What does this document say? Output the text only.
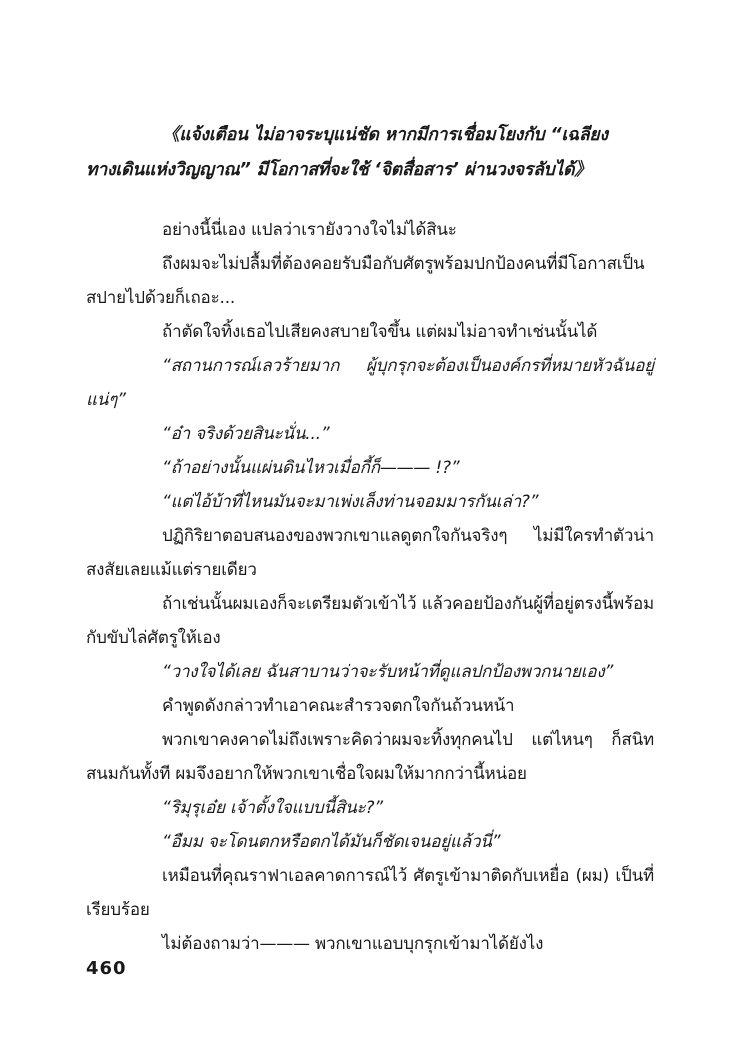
《แจ้งเตือน ไม่อาจระบุแน่ชัด หากมีการเชื่อมโยงกับ “เฉลียง

ทางเดินแห่งวิญญาณ” มีโอกาสที่จะใช้ ‘จิตสื่อสาร’ ผ่านวงจรลับได้》

อย่างนี้นี่เอง แปลว่าเรายังวางใจไม่ได้สินะ

ถึงผมจะไม่ปลื้มที่ต้องคอยรับมือกับศัตรูพร้อมปกป้องคนที่มีโอกาสเป็นสปายไปด้วยก็เถอะ...

ถ้าตัดใจทิ้งเธอไปเสียคงสบายใจขึ้น แต่ผมไม่อาจทำเช่นนั้นได้

“สถานการณ์เลวร้ายมาก ผู้บุกรุกจะต้องเป็นองค์กรที่หมายหัวฉันอยู่แน่ๆ”

“อ๋า จริงด้วยสินะนั่น...”

“ถ้าอย่างนั้นแผ่นดินไหวเมื่อกี้ก็——— !?”

“แต่ไอ้บ้าที่ไหนมันจะมาเพ่งเล็งท่านจอมมารกันเล่า?”

ปฏิกิริยาตอบสนองของพวกเขาแลดูตกใจกันจริงๆ ไม่มีใครทำตัวน่าสงสัยเลยแม้แต่รายเดียว

ถ้าเช่นนั้นผมเองก็จะเตรียมตัวเข้าไว้ แล้วคอยป้องกันผู้ที่อยู่ตรงนี้พร้อมกับขับไล่ศัตรูให้เอง

“วางใจได้เลย ฉันสาบานว่าจะรับหน้าที่ดูแลปกป้องพวกนายเอง”

คำพูดดังกล่าวทำเอาคณะสำรวจตกใจกันถ้วนหน้า

พวกเขาคงคาดไม่ถึงเพราะคิดว่าผมจะทิ้งทุกคนไป แต่ไหนๆ ก็สนิทสนมกันทั้งที ผมจึงอยากให้พวกเขาเชื่อใจผมให้มากกว่านี้หน่อย

“ริมุรุเอ๋ย เจ้าตั้งใจแบบนี้สินะ?”

“อืมม จะโดนตกหรือตกได้มันก็ชัดเจนอยู่แล้วนี่”

เหมือนที่คุณราฟาเอลคาดการณ์ไว้ ศัตรูเข้ามาติดกับเหยื่อ (ผม) เป็นที่เรียบร้อย

ไม่ต้องถามว่า——— พวกเขาแอบบุกรุกเข้ามาได้ยังไง

460
